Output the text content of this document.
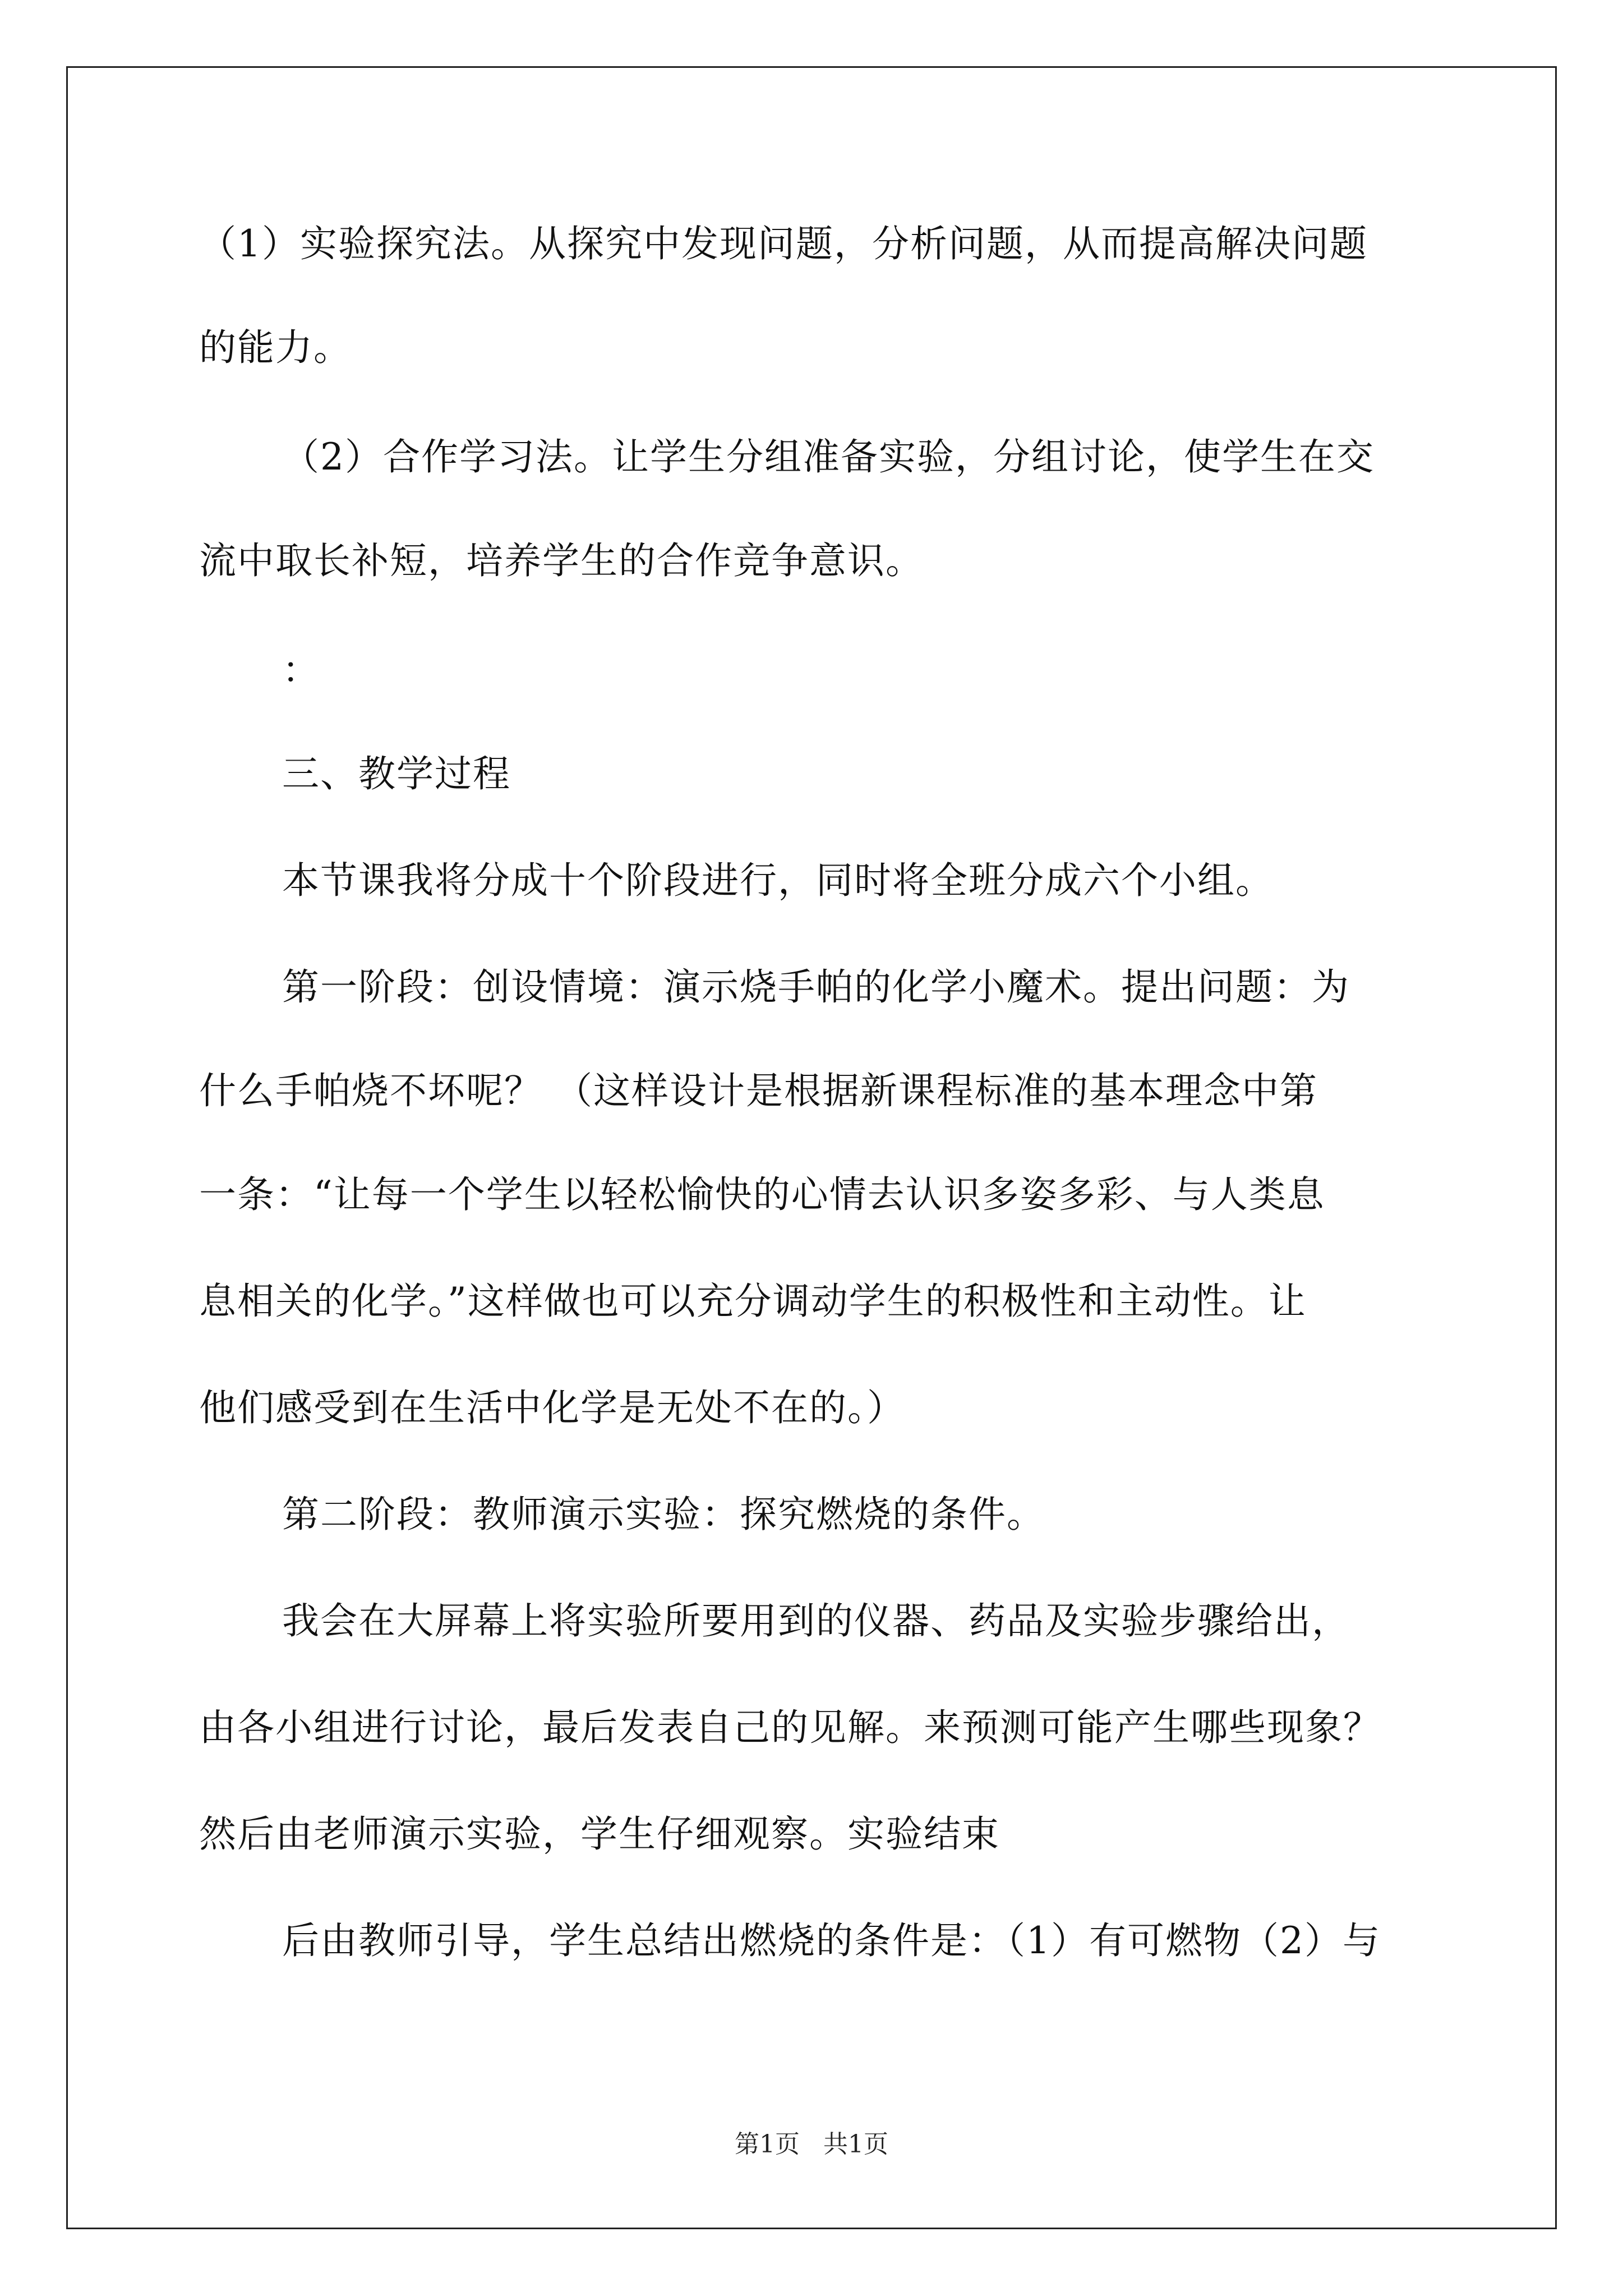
（1）实验探究法。从探究中发现问题，分析问题，从而提高解决问题
的能力。
（2）合作学习法。让学生分组准备实验，分组讨论，使学生在交
流中取长补短，培养学生的合作竞争意识。
：
三、教学过程
本节课我将分成十个阶段进行，同时将全班分成六个小组。
第一阶段：创设情境：演示烧手帕的化学小魔术。提出问题：为
什么手帕烧不坏呢？ （这样设计是根据新课程标准的基本理念中第
一条：“让每一个学生以轻松愉快的心情去认识多姿多彩、与人类息
息相关的化学。”这样做也可以充分调动学生的积极性和主动性。让
他们感受到在生活中化学是无处不在的。）
第二阶段：教师演示实验：探究燃烧的条件。
我会在大屏幕上将实验所要用到的仪器、药品及实验步骤给出，
由各小组进行讨论，最后发表自己的见解。来预测可能产生哪些现象？
然后由老师演示实验，学生仔细观察。实验结束
后由教师引导，学生总结出燃烧的条件是：（1）有可燃物（2）与
第1页 共1页
